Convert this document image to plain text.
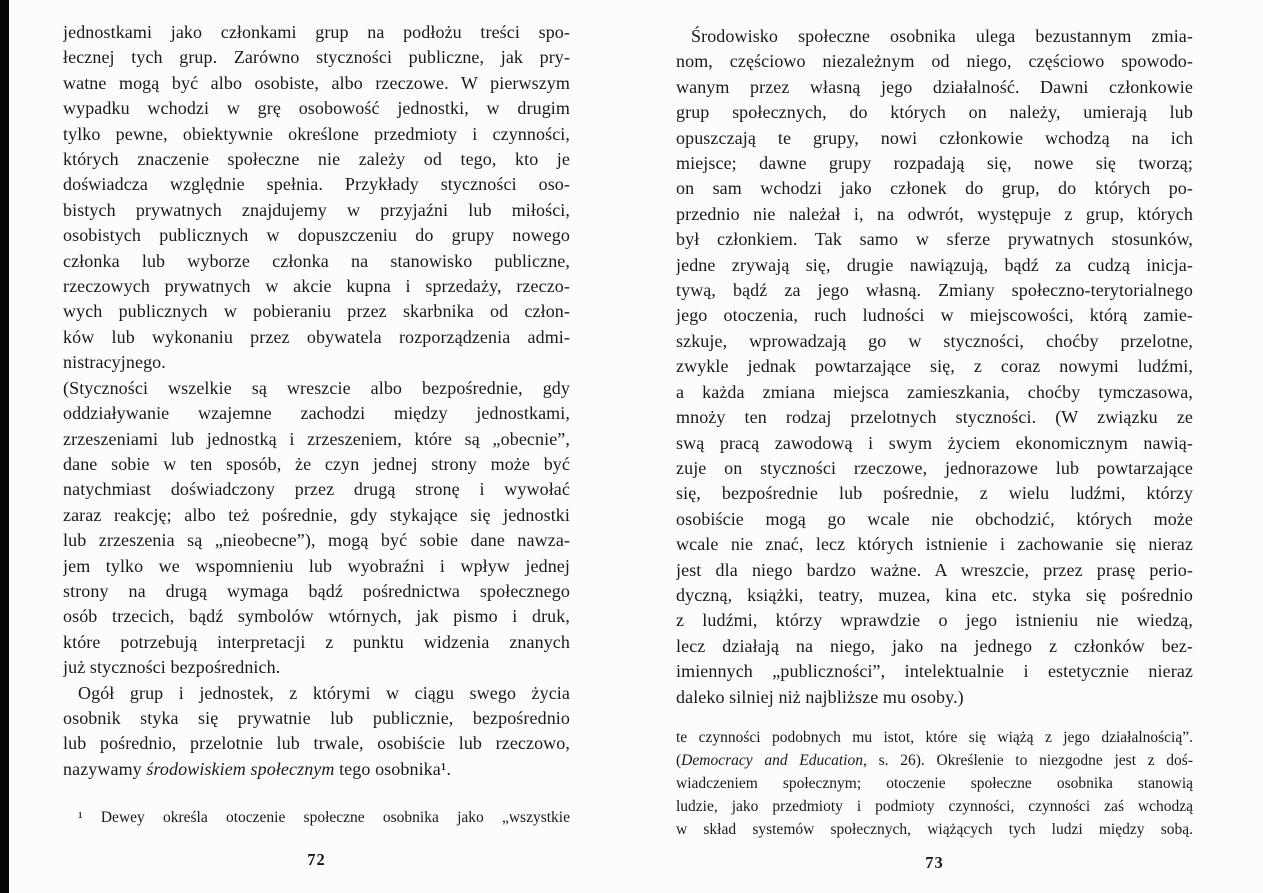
jednostkami jako członkami grup na podłożu treści spo-
łecznej tych grup. Zarówno styczności publiczne, jak pry-
watne mogą być albo osobiste, albo rzeczowe. W pierwszym
wypadku wchodzi w grę osobowość jednostki, w drugim
tylko pewne, obiektywnie określone przedmioty i czynności,
których znaczenie społeczne nie zależy od tego, kto je
doświadcza względnie spełnia. Przykłady styczności oso-
bistych prywatnych znajdujemy w przyjaźni lub miłości,
osobistych publicznych w dopuszczeniu do grupy nowego
członka lub wyborze członka na stanowisko publiczne,
rzeczowych prywatnych w akcie kupna i sprzedaży, rzeczo-
wych publicznych w pobieraniu przez skarbnika od człon-
ków lub wykonaniu przez obywatela rozporządzenia admi-
nistracyjnego.
(Styczności wszelkie są wreszcie albo bezpośrednie, gdy
oddziaływanie wzajemne zachodzi między jednostkami,
zrzeszeniami lub jednostką i zrzeszeniem, które są „obecnie”,
dane sobie w ten sposób, że czyn jednej strony może być
natychmiast doświadczony przez drugą stronę i wywołać
zaraz reakcję; albo też pośrednie, gdy stykające się jednostki
lub zrzeszenia są „nieobecne”), mogą być sobie dane nawza-
jem tylko we wspomnieniu lub wyobraźni i wpływ jednej
strony na drugą wymaga bądź pośrednictwa społecznego
osób trzecich, bądź symbolów wtórnych, jak pismo i druk,
które potrzebują interpretacji z punktu widzenia znanych
już styczności bezpośrednich.
Ogół grup i jednostek, z którymi w ciągu swego życia
osobnik styka się prywatnie lub publicznie, bezpośrednio
lub pośrednio, przelotnie lub trwale, osobiście lub rzeczowo,
nazywamy środowiskiem społecznym tego osobnika¹.
¹ Dewey określa otoczenie społeczne osobnika jako „wszystkie
72
Środowisko społeczne osobnika ulega bezustannym zmia-
nom, częściowo niezależnym od niego, częściowo spowodo-
wanym przez własną jego działalność. Dawni członkowie
grup społecznych, do których on należy, umierają lub
opuszczają te grupy, nowi członkowie wchodzą na ich
miejsce; dawne grupy rozpadają się, nowe się tworzą;
on sam wchodzi jako członek do grup, do których po-
przednio nie należał i, na odwrót, występuje z grup, których
był członkiem. Tak samo w sferze prywatnych stosunków,
jedne zrywają się, drugie nawiązują, bądź za cudzą inicja-
tywą, bądź za jego własną. Zmiany społeczno-terytorialnego
jego otoczenia, ruch ludności w miejscowości, którą zamie-
szkuje, wprowadzają go w styczności, choćby przelotne,
zwykle jednak powtarzające się, z coraz nowymi ludźmi,
a każda zmiana miejsca zamieszkania, choćby tymczasowa,
mnoży ten rodzaj przelotnych styczności. (W związku ze
swą pracą zawodową i swym życiem ekonomicznym nawią-
zuje on styczności rzeczowe, jednorazowe lub powtarzające
się, bezpośrednie lub pośrednie, z wielu ludźmi, którzy
osobiście mogą go wcale nie obchodzić, których może
wcale nie znać, lecz których istnienie i zachowanie się nieraz
jest dla niego bardzo ważne. A wreszcie, przez prasę perio-
dyczną, książki, teatry, muzea, kina etc. styka się pośrednio
z ludźmi, którzy wprawdzie o jego istnieniu nie wiedzą,
lecz działają na niego, jako na jednego z członków bez-
imiennych „publiczności”, intelektualnie i estetycznie nieraz
daleko silniej niż najbliższe mu osoby.)
te czynności podobnych mu istot, które się wiążą z jego działalnością”.
(Democracy and Education, s. 26). Określenie to niezgodne jest z doś-
wiadczeniem społecznym; otoczenie społeczne osobnika stanowią
ludzie, jako przedmioty i podmioty czynności, czynności zaś wchodzą
w skład systemów społecznych, wiążących tych ludzi między sobą.
73
